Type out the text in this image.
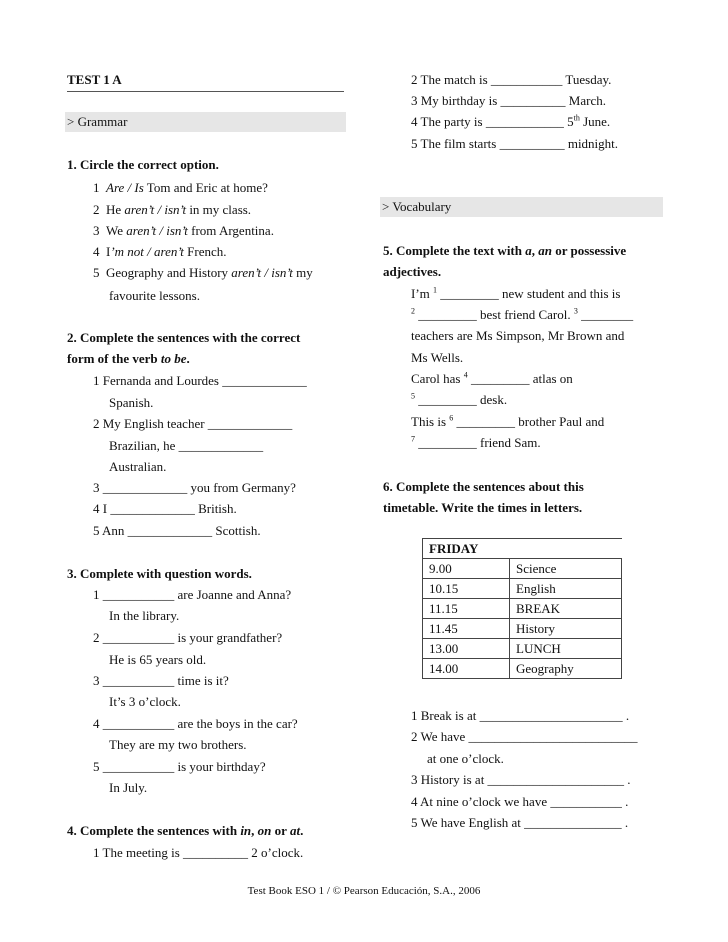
TEST 1 A
> Grammar
1. Circle the correct option.
1 Are / Is Tom and Eric at home?
2 He aren’t / isn’t in my class.
3 We aren’t / isn’t from Argentina.
4 I’m not / aren’t French.
5 Geography and History aren’t / isn’t my
favourite lessons.
2. Complete the sentences with the correct
form of the verb to be.
1 Fernanda and Lourdes _____________
Spanish.
2 My English teacher _____________
Brazilian, he _____________
Australian.
3 _____________ you from Germany?
4 I _____________ British.
5 Ann _____________ Scottish.
3. Complete with question words.
1 ___________ are Joanne and Anna?
In the library.
2 ___________ is your grandfather?
He is 65 years old.
3 ___________ time is it?
It’s 3 o’clock.
4 ___________ are the boys in the car?
They are my two brothers.
5 ___________ is your birthday?
In July.
4. Complete the sentences with in, on or at.
1 The meeting is __________ 2 o’clock.
2 The match is ___________ Tuesday.
3 My birthday is __________ March.
4 The party is ____________ 5th June.
5 The film starts __________ midnight.
> Vocabulary
5. Complete the text with a, an or possessive
adjectives.
I’m $^1$ _________ new student and this is
$^2$ _________ best friend Carol. $^3$ ________
teachers are Ms Simpson, Mr Brown and
Ms Wells.
Carol has $^4$ _________ atlas on
$^5$ _________ desk.
This is $^6$ _________ brother Paul and
$^7$ _________ friend Sam.
6. Complete the sentences about this
timetable. Write the times in letters.
FRIDAY	
9.00	Science
10.15	English
11.15	BREAK
11.45	History
13.00	LUNCH
14.00	Geography
1 Break is at ______________________ .
2 We have __________________________
at one o’clock.
3 History is at _____________________ .
4 At nine o’clock we have ___________ .
5 We have English at _______________ .
Test Book ESO 1 / © Pearson Educación, S.A., 2006
